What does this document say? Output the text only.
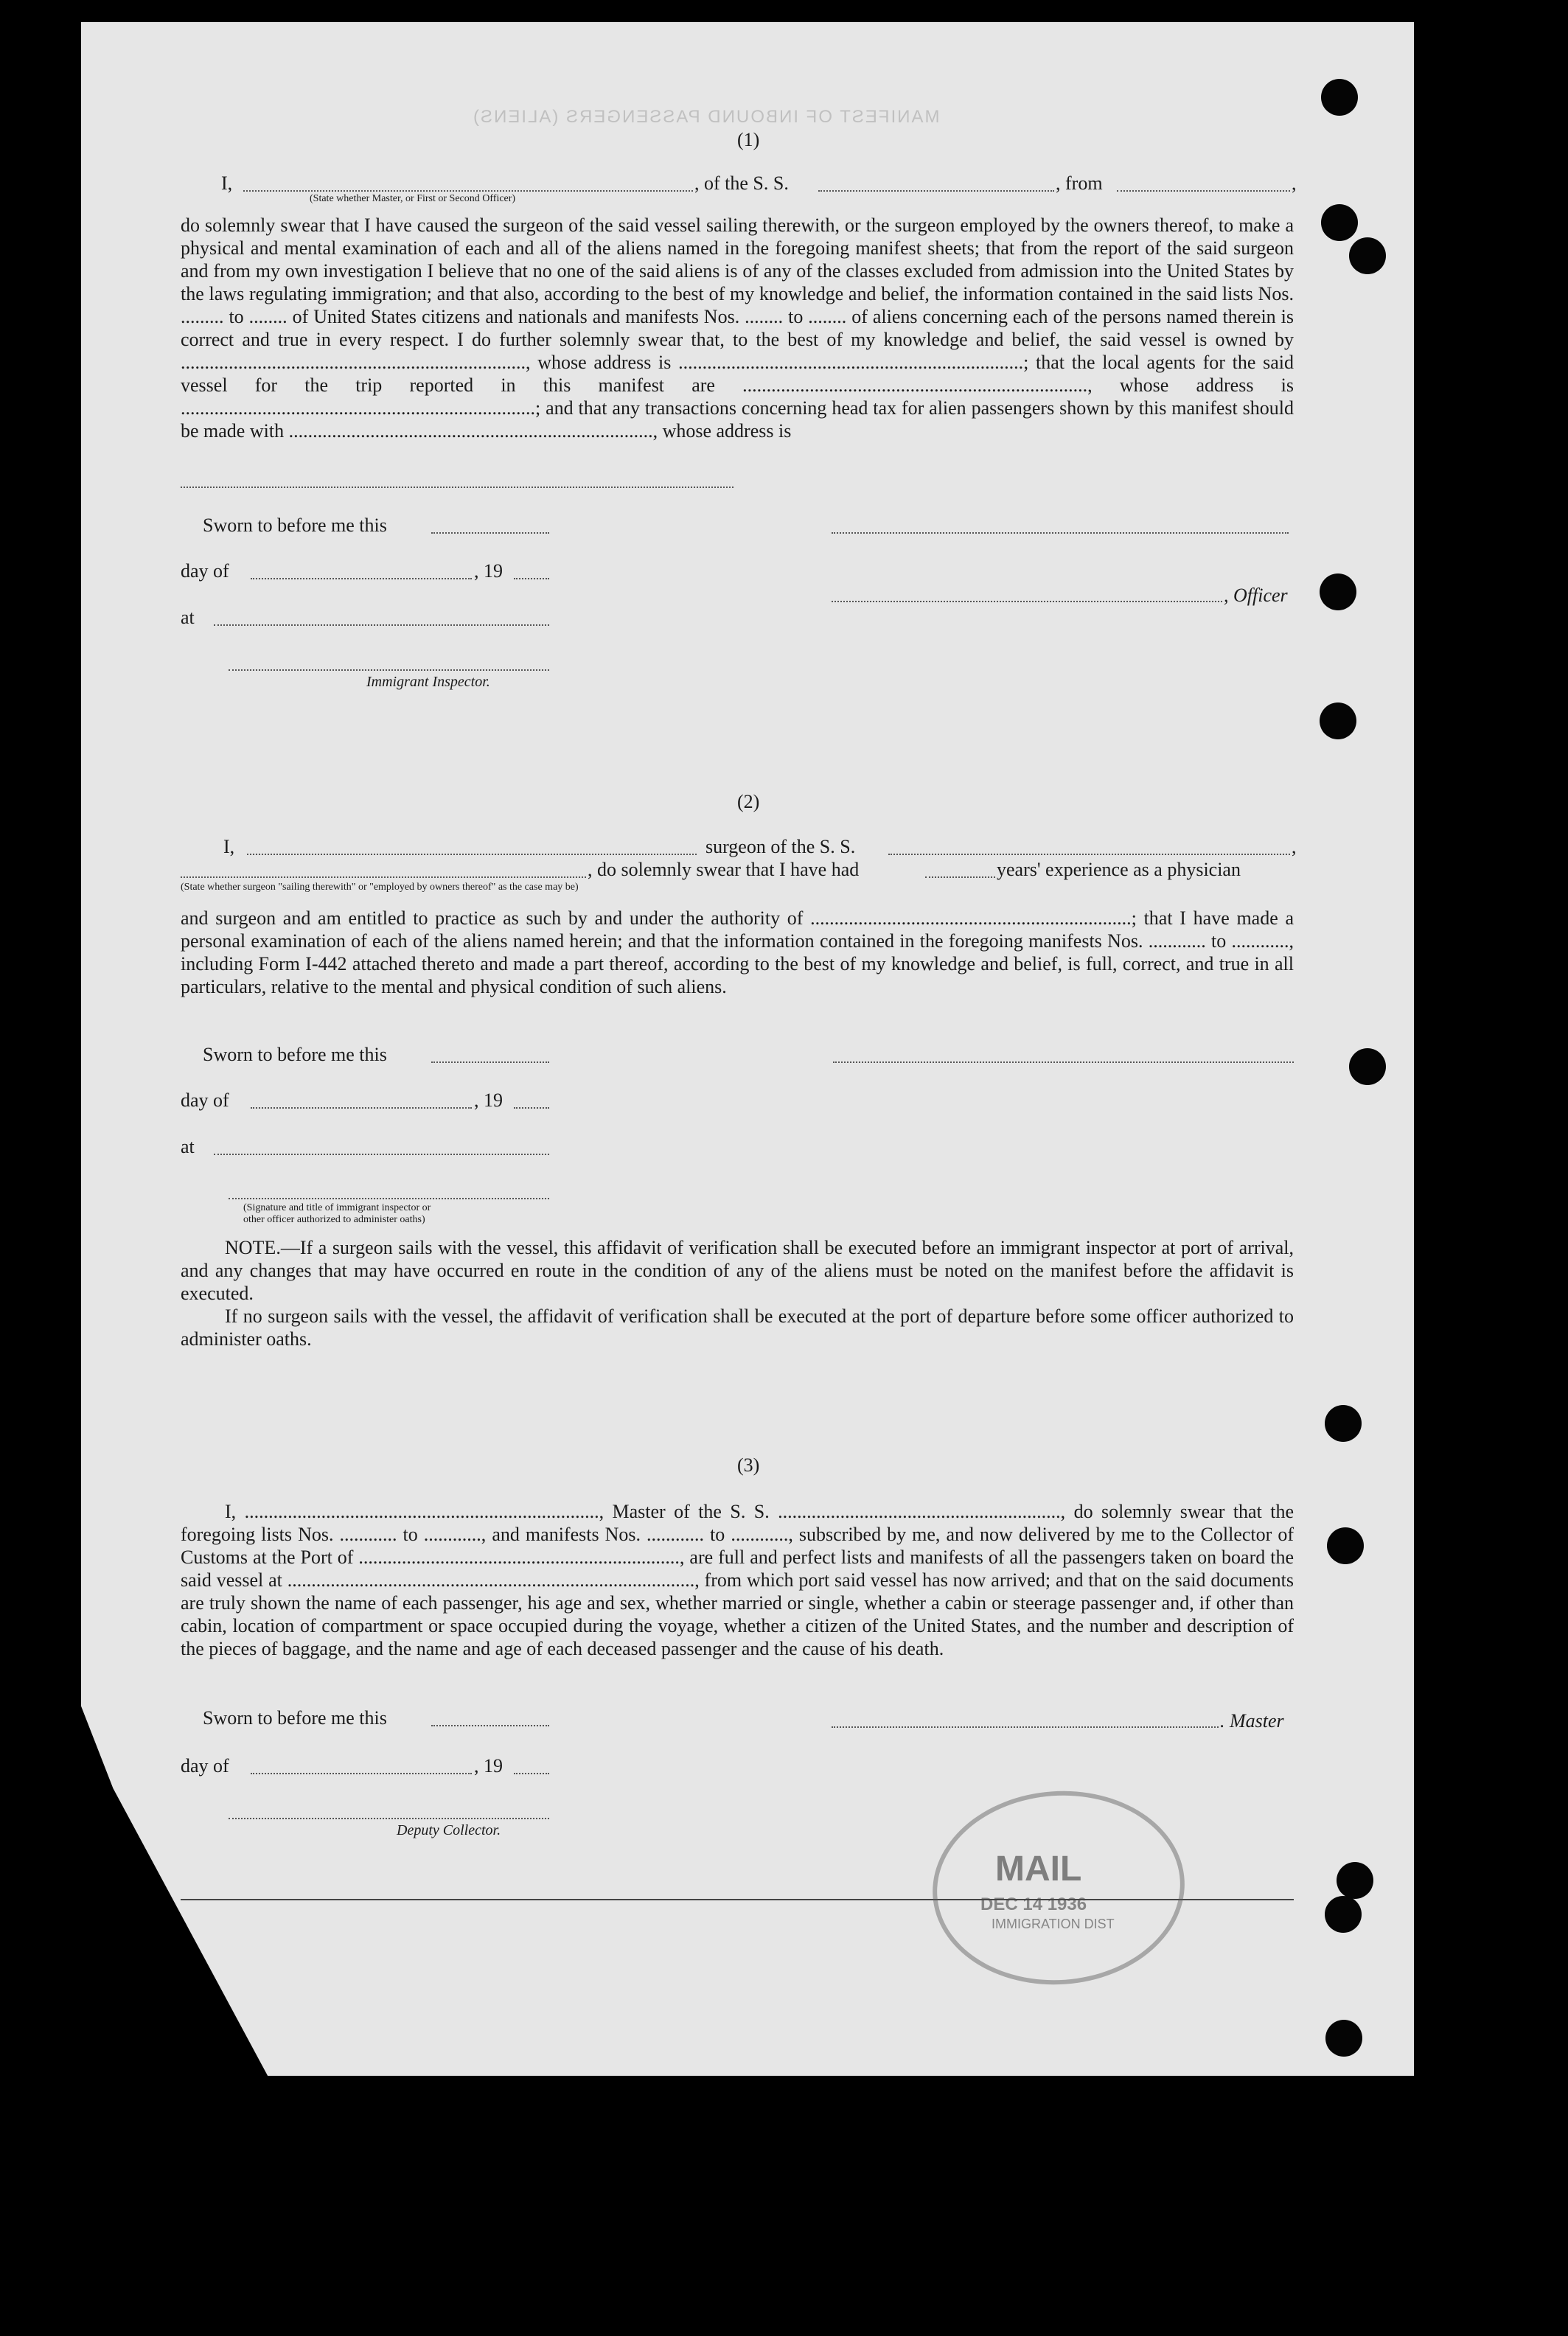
MANIFEST OF INBOUND PASSENGERS (ALIENS)
(1)
I,	, of the S. S.	, from	,
(State whether Master, or First or Second Officer)
do solemnly swear that I have caused the surgeon of the said vessel sailing therewith, or the surgeon employed by the owners thereof, to make a physical and mental examination of each and all of the aliens named in the foregoing manifest sheets; that from the report of the said surgeon and from my own investigation I believe that no one of the said aliens is of any of the classes excluded from admission into the United States by the laws regulating immigration; and that also, according to the best of my knowledge and belief, the information contained in the said lists Nos. ......... to ........ of United States citizens and nationals and manifests Nos. ........ to ........ of aliens concerning each of the persons named therein is correct and true in every respect. I do further solemnly swear that, to the best of my knowledge and belief, the said vessel is owned by ........................................................................, whose address is ........................................................................; that the local agents for the said vessel for the trip reported in this manifest are ........................................................................, whose address is ..........................................................................; and that any transactions concerning head tax for alien passengers shown by this manifest should be made with ............................................................................, whose address is
Sworn to before me this
day of	, 19
, Officer
at
Immigrant Inspector.
(2)
I,	surgeon of the S. S.	,
, do solemnly swear that I have had	years' experience as a physician
(State whether surgeon "sailing therewith" or "employed by owners thereof" as the case may be)
and surgeon and am entitled to practice as such by and under the authority of ...................................................................; that I have made a personal examination of each of the aliens named herein; and that the information contained in the foregoing manifests Nos. ............ to ............, including Form I-442 attached thereto and made a part thereof, according to the best of my knowledge and belief, is full, correct, and true in all particulars, relative to the mental and physical condition of such aliens.
Sworn to before me this
day of	, 19
at
(Signature and title of immigrant inspector or
other officer authorized to administer oaths)
NOTE.—If a surgeon sails with the vessel, this affidavit of verification shall be executed before an immigrant inspector at port of arrival, and any changes that may have occurred en route in the condition of any of the aliens must be noted on the manifest before the affidavit is executed.
If no surgeon sails with the vessel, the affidavit of verification shall be executed at the port of departure before some officer authorized to administer oaths.
(3)
I, .........................................................................., Master of the S. S. ..........................................................., do solemnly swear that the foregoing lists Nos. ............ to ............, and manifests Nos. ............ to ............, subscribed by me, and now delivered by me to the Collector of Customs at the Port of ..................................................................., are full and perfect lists and manifests of all the passengers taken on board the said vessel at ....................................................................................., from which port said vessel has now arrived; and that on the said documents are truly shown the name of each passenger, his age and sex, whether married or single, whether a cabin or steerage passenger and, if other than cabin, location of compartment or space occupied during the voyage, whether a citizen of the United States, and the number and description of the pieces of baggage, and the name and age of each deceased passenger and the cause of his death.
Sworn to before me this	. Master
day of	, 19
Deputy Collector.
MAIL
DEC 14 1936
IMMIGRATION DIST
